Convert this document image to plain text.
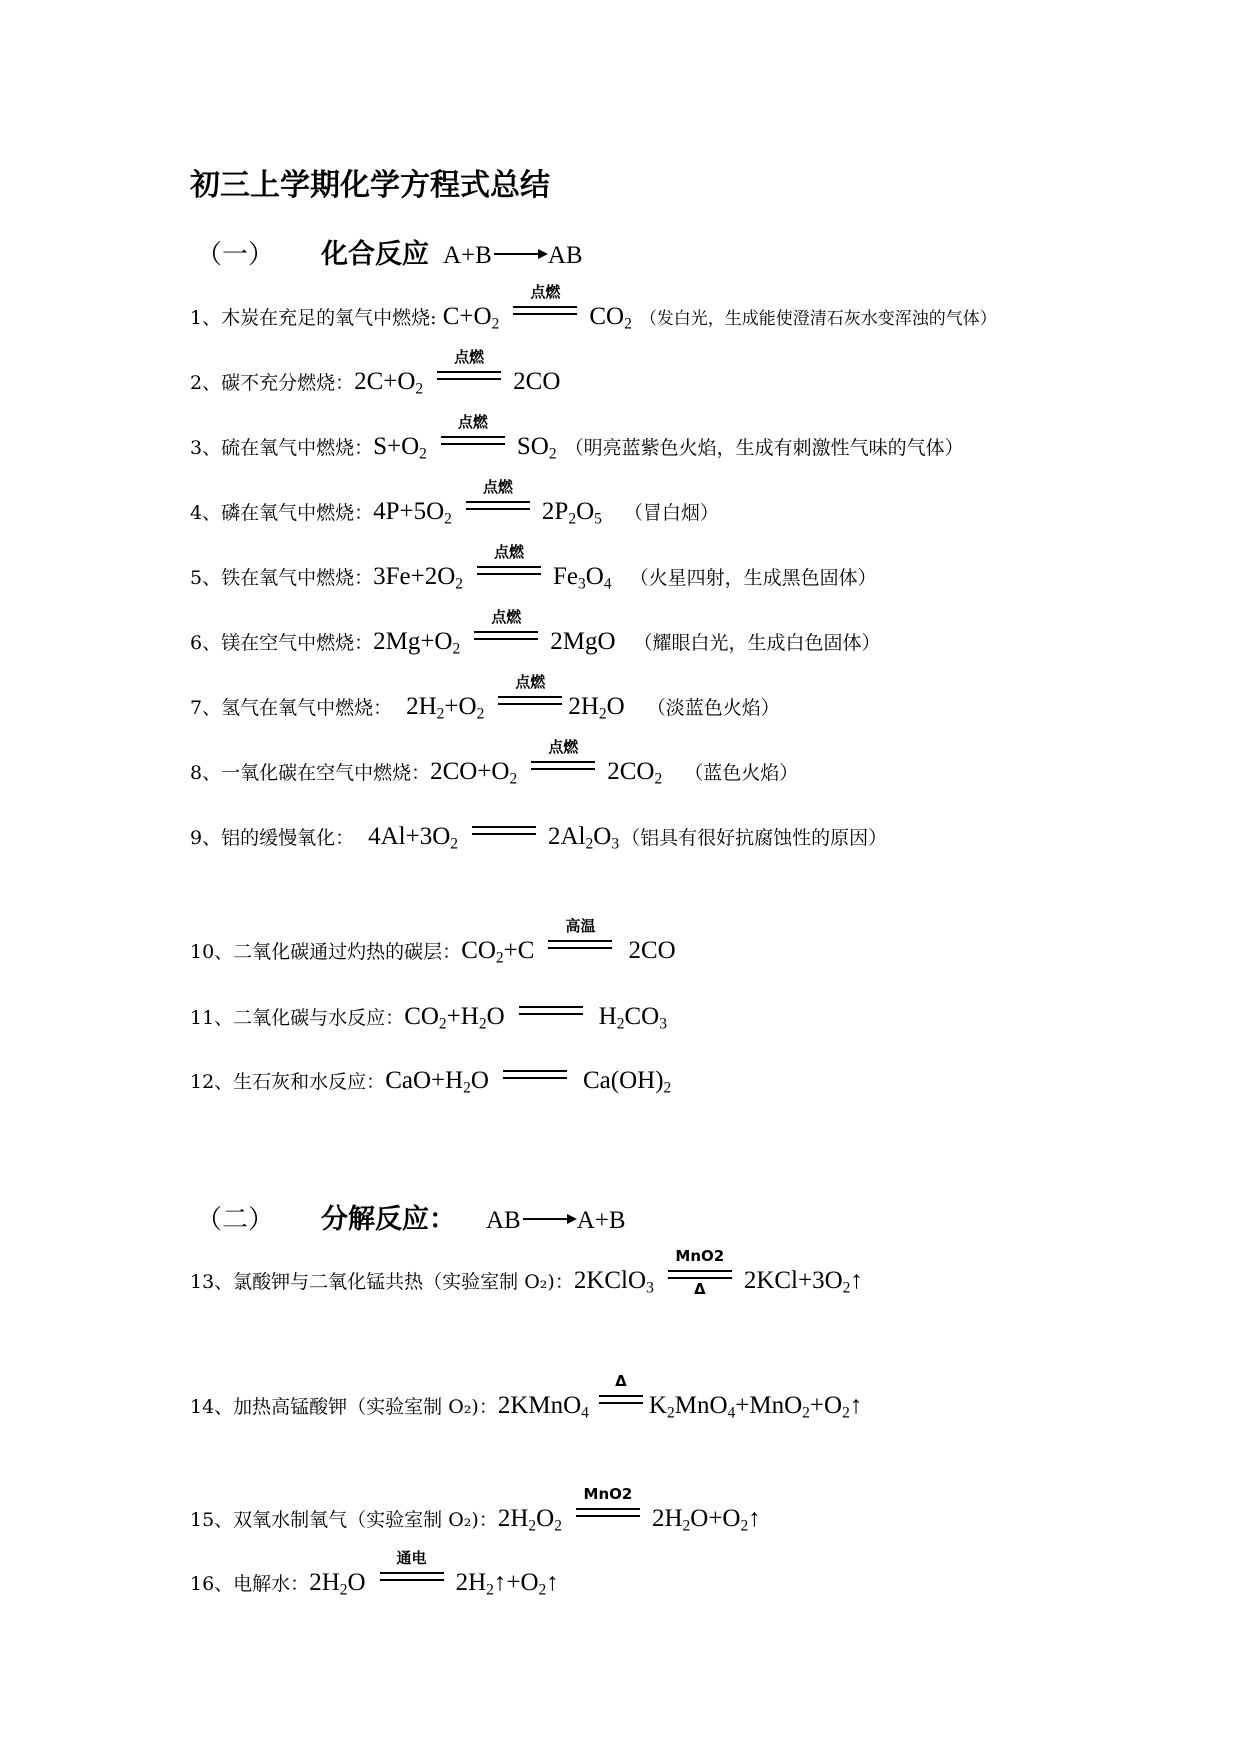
初三上学期化学方程式总结
（一） 化合反应 A+B AB
1、木炭在充足的氧气中燃烧: $C+O_2$
点燃
$CO_2$ （发白光，生成能使澄清石灰水变浑浊的气体）
2、碳不充分燃烧： $2C+O_2$
点燃
2CO
3、硫在氧气中燃烧： $S+O_2$
点燃
$SO_2$ （明亮蓝紫色火焰，生成有刺激性气味的气体）
4、磷在氧气中燃烧： $4P+5O_2$
点燃
$2P_2O_5$ （冒白烟）
5、铁在氧气中燃烧： $3Fe+2O_2$
点燃
$Fe_3O_4$ （火星四射，生成黑色固体）
6、镁在空气中燃烧： $2Mg+O_2$
点燃
2MgO （耀眼白光，生成白色固体）
7、氢气在氧气中燃烧： $2H_2+O_2$
点燃
$2H_2O$ （淡蓝色火焰）
8、一氧化碳在空气中燃烧： $2CO+O_2$
点燃
$2CO_2$ （蓝色火焰）
9、铝的缓慢氧化： $4Al+3O_2$	$2Al_2O_3$ （铝具有很好抗腐蚀性的原因）
10、二氧化碳通过灼热的碳层： $CO_2+C$
高温
2CO
11、二氧化碳与水反应： $CO_2+H_2O$	$H_2CO_3$
12、生石灰和水反应： $CaO+H_2O$	$Ca(OH)_2$
（二） 分解反应： AB A+B
13、氯酸钾与二氧化锰共热（实验室制 O₂)： 2KClO$_3$
MnO2
Δ	$2KCl+3O_2↑$
14、加热高锰酸钾（实验室制 O₂)： 2KMnO$_4$
Δ
$K_2MnO_4+MnO_2+O_2↑$
15、双氧水制氧气（实验室制 O₂)： $2H_2O_2$
MnO2
$2H_2O+O_2↑$
16、电解水： $2H_2O$
通电
$2H_2↑+O_2↑$
